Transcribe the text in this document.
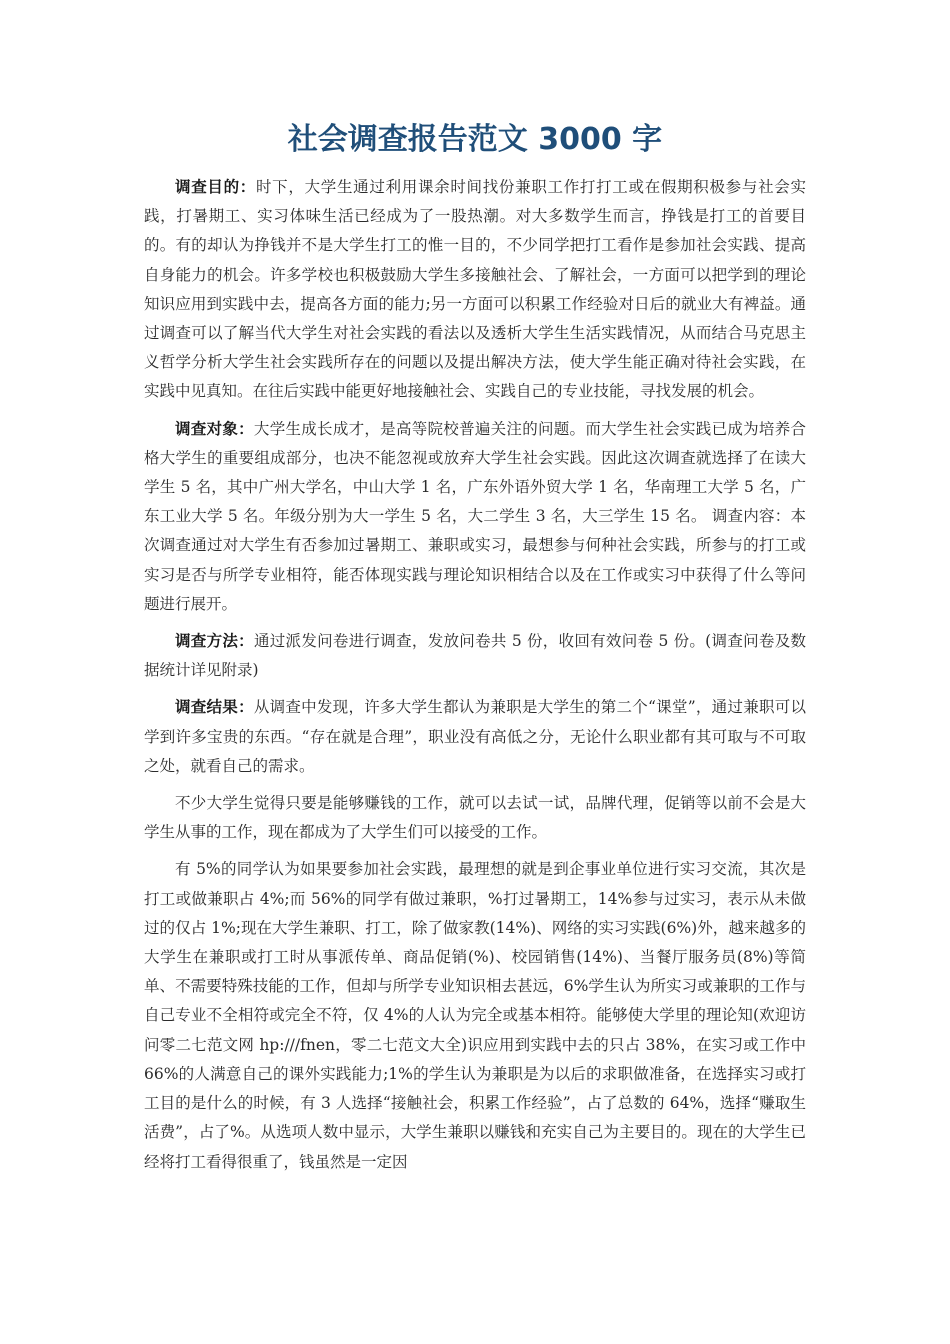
社会调查报告范文 3000 字

调查目的：时下，大学生通过利用课余时间找份兼职工作打打工或在假期积极参与社会实践，打暑期工、实习体味生活已经成为了一股热潮。对大多数学生而言，挣钱是打工的首要目的。有的却认为挣钱并不是大学生打工的惟一目的，不少同学把打工看作是参加社会实践、提高自身能力的机会。许多学校也积极鼓励大学生多接触社会、了解社会，一方面可以把学到的理论知识应用到实践中去，提高各方面的能力;另一方面可以积累工作经验对日后的就业大有裨益。通过调查可以了解当代大学生对社会实践的看法以及透析大学生生活实践情况，从而结合马克思主义哲学分析大学生社会实践所存在的问题以及提出解决方法，使大学生能正确对待社会实践，在实践中见真知。在往后实践中能更好地接触社会、实践自己的专业技能，寻找发展的机会。

调查对象：大学生成长成才，是高等院校普遍关注的问题。而大学生社会实践已成为培养合格大学生的重要组成部分，也决不能忽视或放弃大学生社会实践。因此这次调查就选择了在读大学生 5 名，其中广州大学名，中山大学 1 名，广东外语外贸大学 1 名，华南理工大学 5 名，广东工业大学 5 名。年级分别为大一学生 5 名，大二学生 3 名，大三学生 15 名。 调查内容：本次调查通过对大学生有否参加过暑期工、兼职或实习，最想参与何种社会实践，所参与的打工或实习是否与所学专业相符，能否体现实践与理论知识相结合以及在工作或实习中获得了什么等问题进行展开。

调查方法：通过派发问卷进行调查，发放问卷共 5 份，收回有效问卷 5 份。(调查问卷及数据统计详见附录)

调查结果：从调查中发现，许多大学生都认为兼职是大学生的第二个“课堂”，通过兼职可以学到许多宝贵的东西。“存在就是合理”，职业没有高低之分，无论什么职业都有其可取与不可取之处，就看自己的需求。

不少大学生觉得只要是能够赚钱的工作，就可以去试一试，品牌代理，促销等以前不会是大学生从事的工作，现在都成为了大学生们可以接受的工作。

有 5%的同学认为如果要参加社会实践，最理想的就是到企事业单位进行实习交流，其次是打工或做兼职占 4%;而 56%的同学有做过兼职，%打过暑期工，14%参与过实习，表示从未做过的仅占 1%;现在大学生兼职、打工，除了做家教(14%)、网络的实习实践(6%)外，越来越多的大学生在兼职或打工时从事派传单、商品促销(%)、校园销售(14%)、当餐厅服务员(8%)等简单、不需要特殊技能的工作，但却与所学专业知识相去甚远，6%学生认为所实习或兼职的工作与自己专业不全相符或完全不符，仅 4%的人认为完全或基本相符。能够使大学里的理论知(欢迎访问零二七范文网 hp:///fnen，零二七范文大全)识应用到实践中去的只占 38%，在实习或工作中 66%的人满意自己的课外实践能力;1%的学生认为兼职是为以后的求职做准备，在选择实习或打工目的是什么的时候，有 3 人选择“接触社会，积累工作经验”，占了总数的 64%，选择“赚取生活费”，占了%。从选项人数中显示，大学生兼职以赚钱和充实自己为主要目的。现在的大学生已经将打工看得很重了，钱虽然是一定因
